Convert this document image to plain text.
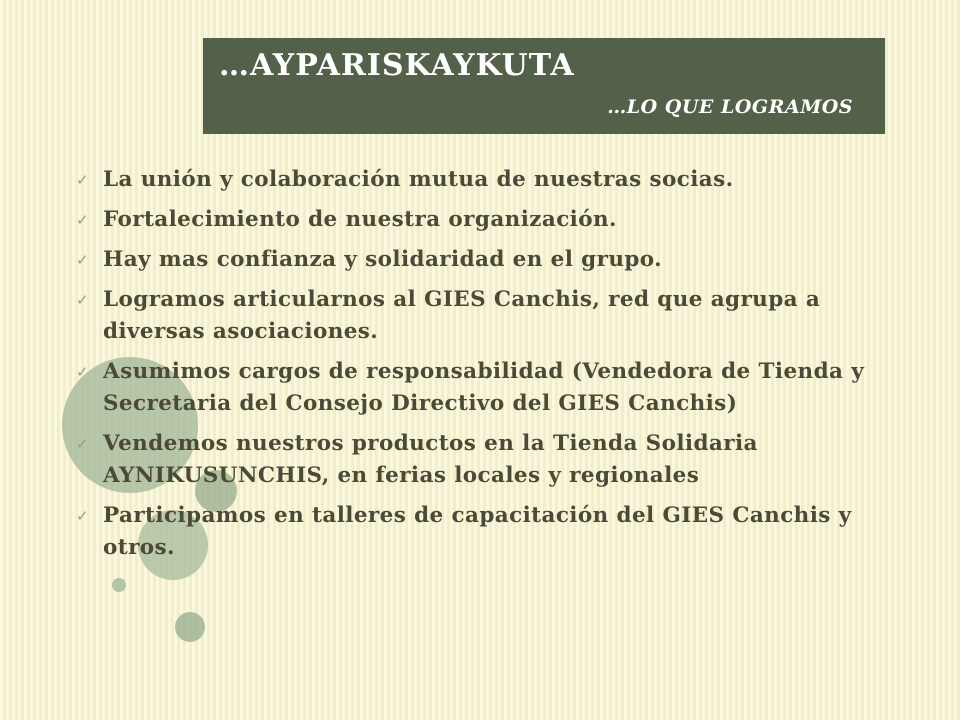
…AYPARISKAYKUTA
…LO QUE LOGRAMOS
✓ La unión y colaboración mutua de nuestras socias.
✓ Fortalecimiento de nuestra organización.
✓ Hay mas confianza y solidaridad en el grupo.
✓ Logramos articularnos al GIES Canchis, red que agrupa a diversas asociaciones.
✓ Asumimos cargos de responsabilidad (Vendedora de Tienda y Secretaria del Consejo Directivo del GIES Canchis)
✓ Vendemos nuestros productos en la Tienda Solidaria AYNIKUSUNCHIS, en ferias locales y regionales
✓ Participamos en talleres de capacitación del GIES Canchis y otros.
